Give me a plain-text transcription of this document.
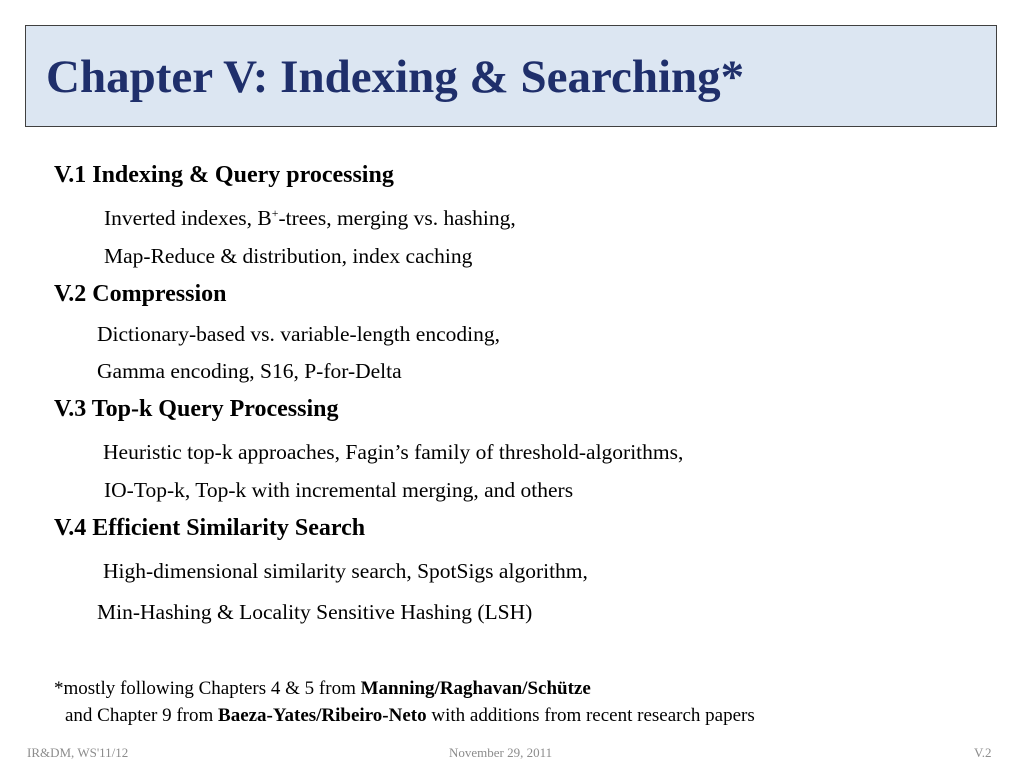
Chapter V: Indexing & Searching*

V.1 Indexing & Query processing

Inverted indexes, B+-trees, merging vs. hashing,

Map-Reduce & distribution, index caching

V.2 Compression

Dictionary-based vs. variable-length encoding,

Gamma encoding, S16, P-for-Delta

V.3 Top-k Query Processing

Heuristic top-k approaches, Fagin’s family of threshold-algorithms,

IO-Top-k, Top-k with incremental merging, and others

V.4 Efficient Similarity Search

High-dimensional similarity search, SpotSigs algorithm,

Min-Hashing & Locality Sensitive Hashing (LSH)

*mostly following Chapters 4 & 5 from Manning/Raghavan/Schütze

and Chapter 9 from Baeza-Yates/Ribeiro-Neto with additions from recent research papers

IR&DM, WS'11/12	November 29, 2011	V.2
